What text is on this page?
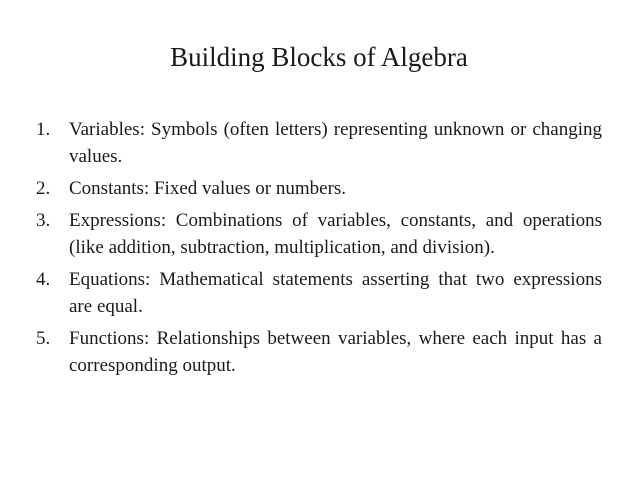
Building Blocks of Algebra
1. Variables: Symbols (often letters) representing unknown or changing values.
2. Constants: Fixed values or numbers.
3. Expressions: Combinations of variables, constants, and operations (like addition, subtraction, multiplication, and division).
4. Equations: Mathematical statements asserting that two expressions are equal.
5. Functions: Relationships between variables, where each input has a corresponding output.
